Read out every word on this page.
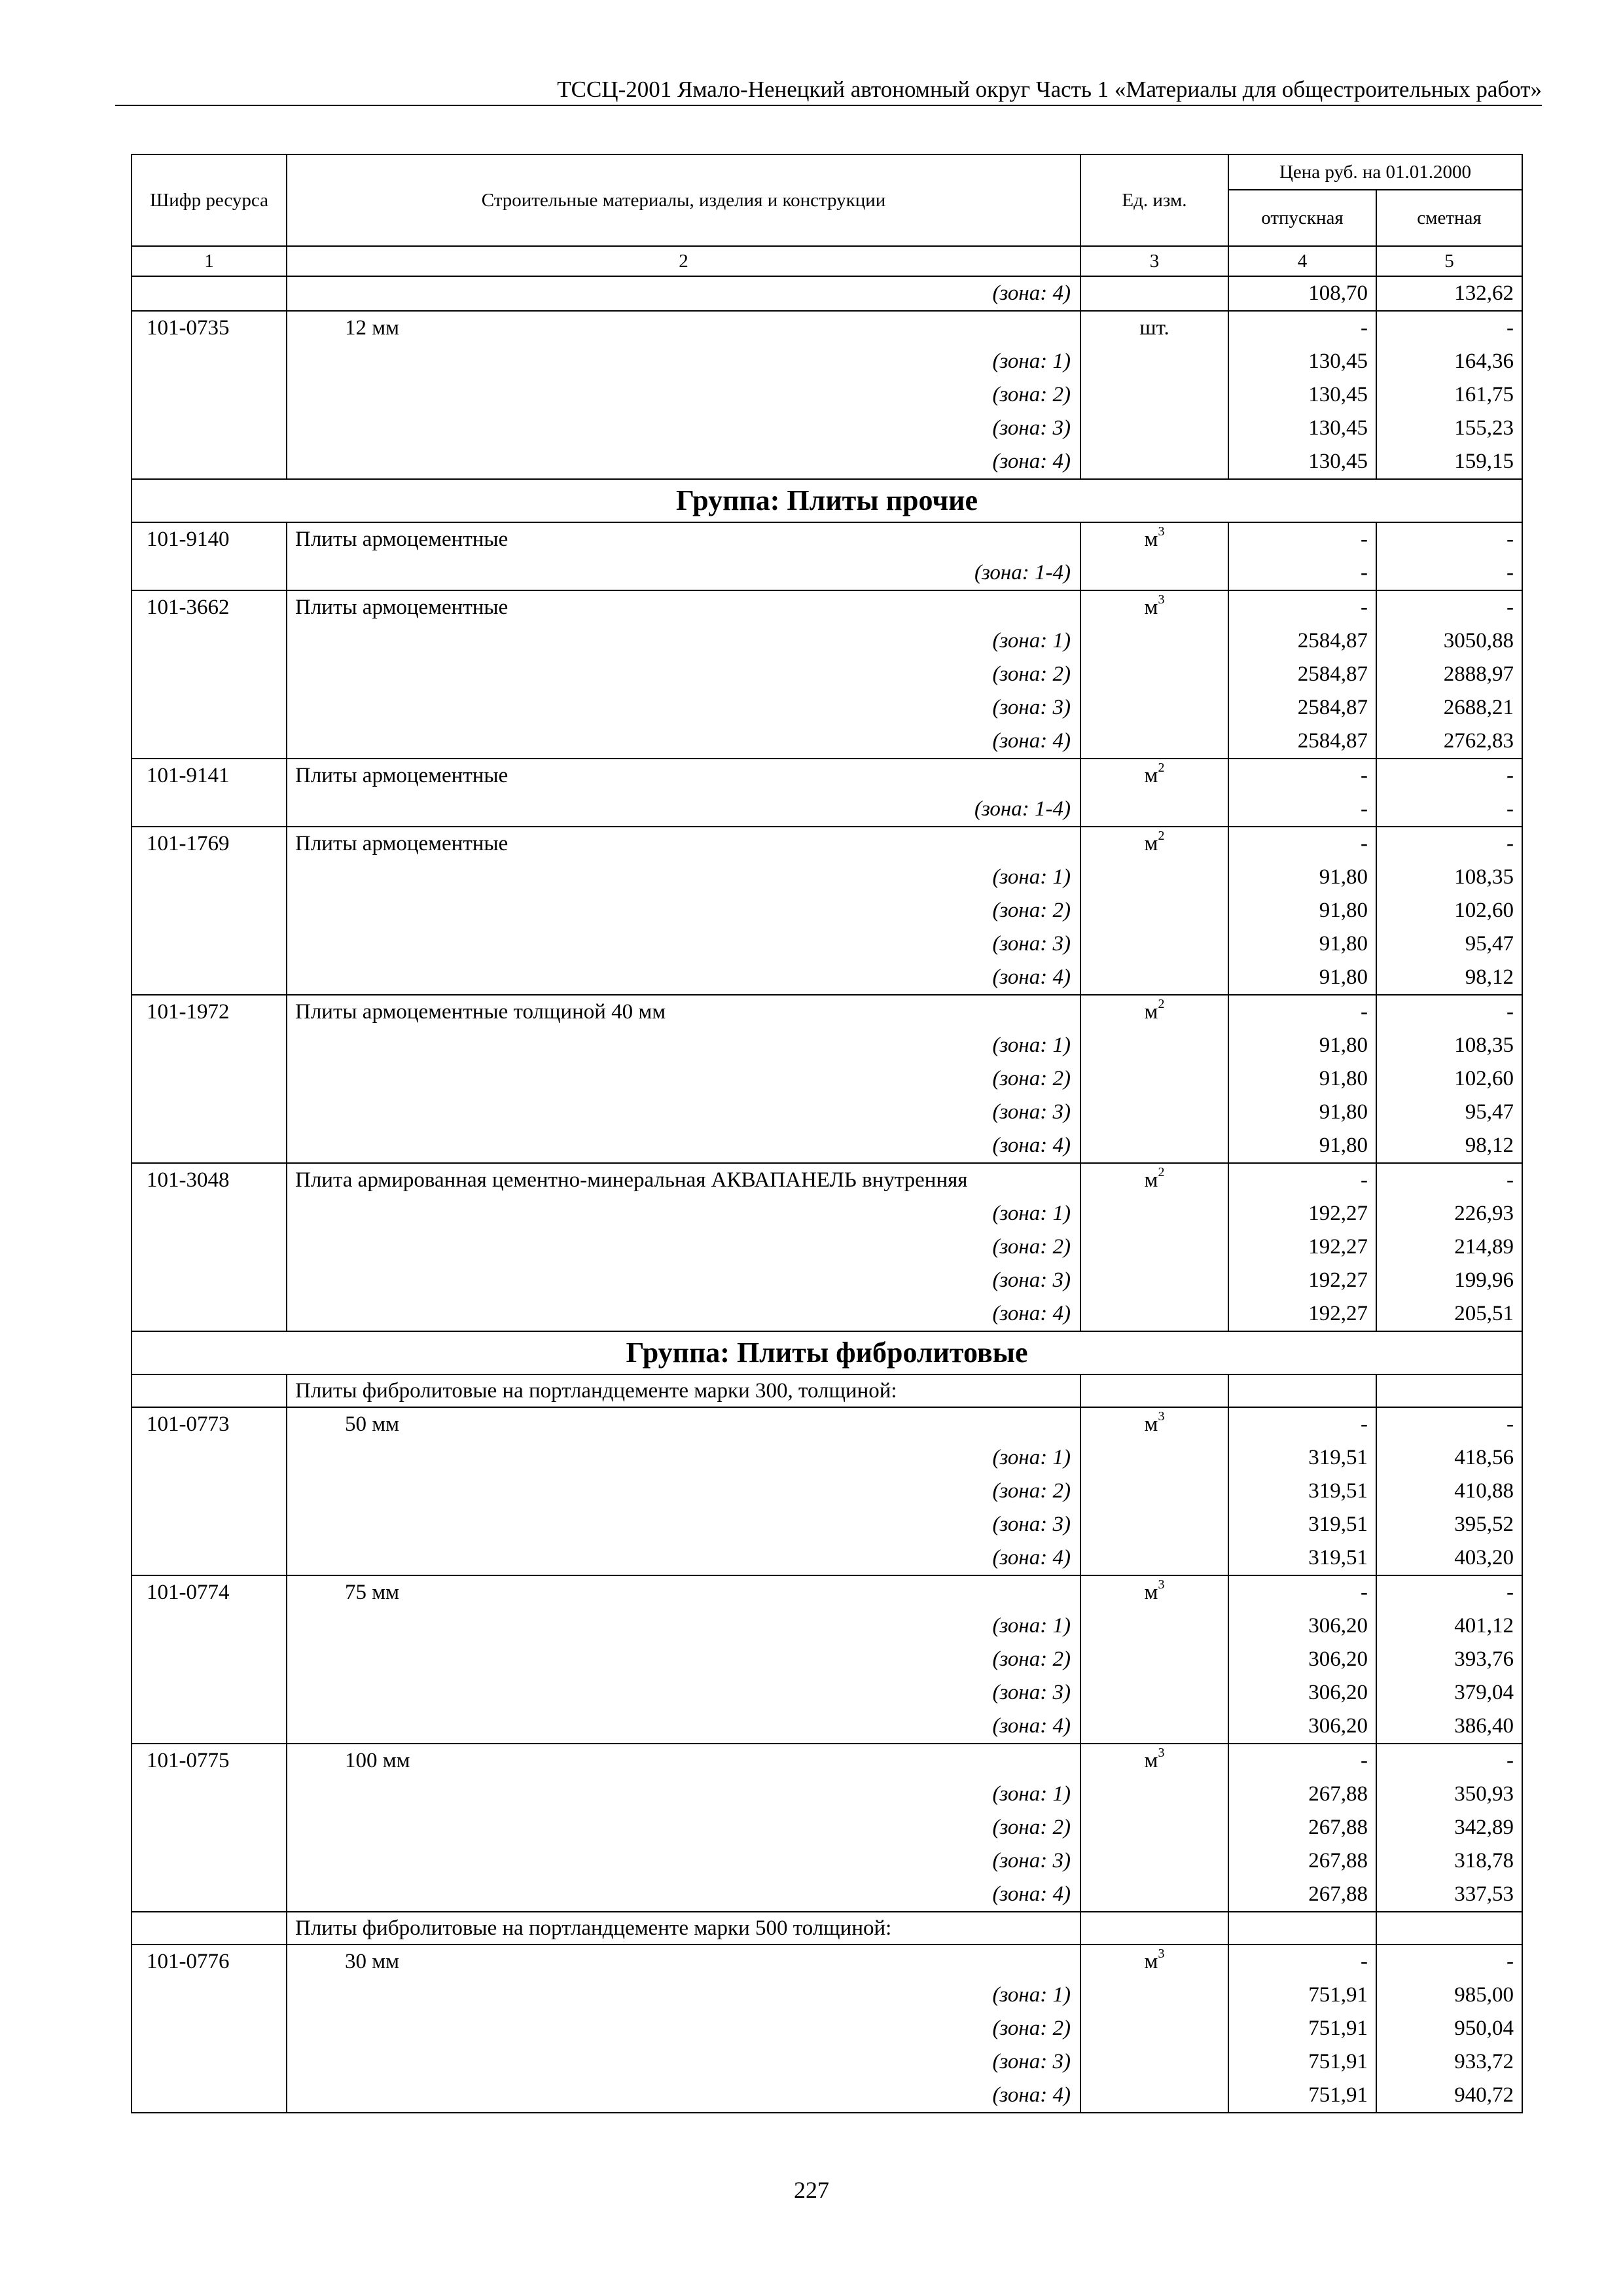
ТССЦ-2001 Ямало-Ненецкий автономный округ Часть 1 «Материалы для общестроительных работ»
Шифр ресурса	Строительные материалы, изделия и конструкции	Ед. изм.	Цена руб. на 01.01.2000	
			отпускная	сметная
1	2	3	4	5
	(зона: 4)		108,70	132,62
101-0735	12 мм	шт.	-	-
	(зона: 1)		130,45	164,36
	(зона: 2)		130,45	161,75
	(зона: 3)		130,45	155,23
	(зона: 4)		130,45	159,15
Группа: Плиты прочие				
101-9140	Плиты армоцементные	$м^3$	-	-
	(зона: 1-4)		-	-
101-3662	Плиты армоцементные	$м^3$	-	-
	(зона: 1)		2584,87	3050,88
	(зона: 2)		2584,87	2888,97
	(зона: 3)		2584,87	2688,21
	(зона: 4)		2584,87	2762,83
101-9141	Плиты армоцементные	$м^2$	-	-
	(зона: 1-4)		-	-
101-1769	Плиты армоцементные	$м^2$	-	-
	(зона: 1)		91,80	108,35
	(зона: 2)		91,80	102,60
	(зона: 3)		91,80	95,47
	(зона: 4)		91,80	98,12
101-1972	Плиты армоцементные толщиной 40 мм	$м^2$	-	-
	(зона: 1)		91,80	108,35
	(зона: 2)		91,80	102,60
	(зона: 3)		91,80	95,47
	(зона: 4)		91,80	98,12
101-3048	Плита армированная цементно-минеральная АКВАПАНЕЛЬ внутренняя	$м^2$	-	-
	(зона: 1)		192,27	226,93
	(зона: 2)		192,27	214,89
	(зона: 3)		192,27	199,96
	(зона: 4)		192,27	205,51
Группа: Плиты фибролитовые				
	Плиты фибролитовые на портландцементе марки 300, толщиной:			
101-0773	50 мм	$м^3$	-	-
	(зона: 1)		319,51	418,56
	(зона: 2)		319,51	410,88
	(зона: 3)		319,51	395,52
	(зона: 4)		319,51	403,20
101-0774	75 мм	$м^3$	-	-
	(зона: 1)		306,20	401,12
	(зона: 2)		306,20	393,76
	(зона: 3)		306,20	379,04
	(зона: 4)		306,20	386,40
101-0775	100 мм	$м^3$	-	-
	(зона: 1)		267,88	350,93
	(зона: 2)		267,88	342,89
	(зона: 3)		267,88	318,78
	(зона: 4)		267,88	337,53
	Плиты фибролитовые на портландцементе марки 500 толщиной:			
101-0776	30 мм	$м^3$	-	-
	(зона: 1)		751,91	985,00
	(зона: 2)		751,91	950,04
	(зона: 3)		751,91	933,72
	(зона: 4)		751,91	940,72
227
